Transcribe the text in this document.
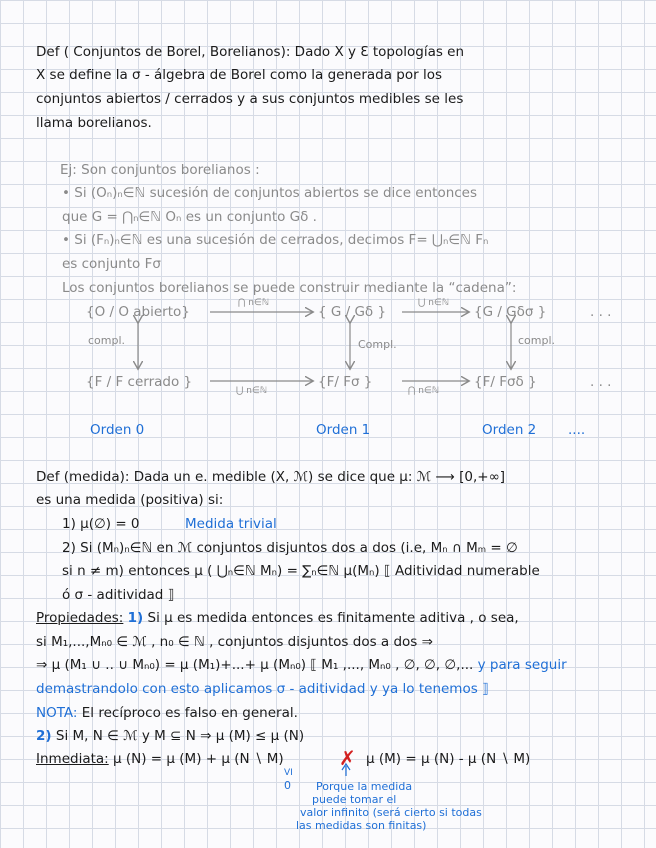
Def ( Conjuntos de Borel, Borelianos): Dado X y Ɛ topologías en
X se define la σ - álgebra de Borel como la generada por los
conjuntos abiertos / cerrados y a sus conjuntos medibles se les
llama borelianos.
Ej: Son conjuntos borelianos :
• Si (Oₙ)ₙ∈ℕ sucesión de conjuntos abiertos se dice entonces
que G = ⋂ₙ∈ℕ Oₙ es un conjunto Gδ .
• Si (Fₙ)ₙ∈ℕ es una sucesión de cerrados, decimos F= ⋃ₙ∈ℕ Fₙ
es conjunto Fσ
Los conjuntos borelianos se puede construir mediante la “cadena”:
{O / O abierto}	{ G / Gδ }	{G / Gδσ }	. . .
⋂ n∈ℕ	⋃ n∈ℕ
compl.	Compl.	compl.
{F / F cerrado }	{F/ Fσ }	{F/ Fσδ }	. . .
⋃ n∈ℕ	⋂ n∈ℕ
Orden 0	Orden 1	Orden 2 ....
Def (medida): Dada un e. medible (X, ℳ) se dice que μ: ℳ ⟶ [0,+∞]
es una medida (positiva) si:
1) μ(∅) = 0	Medida trivial
2) Si (Mₙ)ₙ∈ℕ en ℳ conjuntos disjuntos dos a dos (i.e, Mₙ ∩ Mₘ = ∅
si n ≠ m) entonces μ ( ⋃ₙ∈ℕ Mₙ) = ∑ₙ∈ℕ μ(Mₙ) ⟦ Aditividad numerable
ó σ - aditividad ⟧
Propiedades: 1) Si μ es medida entonces es finitamente aditiva , o sea,
si M₁,...,Mₙ₀ ∈ ℳ , n₀ ∈ ℕ , conjuntos disjuntos dos a dos ⇒
⇒ μ (M₁ ∪ .. ∪ Mₙ₀) = μ (M₁)+...+ μ (Mₙ₀) ⟦ M₁ ,..., Mₙ₀ , ∅, ∅, ∅,... y para seguir
demastrandolo con esto aplicamos σ - aditividad y ya lo tenemos ⟧
NOTA: El recíproco es falso en general.
2) Si M, N ∈ ℳ y M ⊆ N ⇒ μ (M) ≤ μ (N)
Inmediata: μ (N) = μ (M) + μ (N ∖ M)	✗ μ (M) = μ (N) - μ (N ∖ M)
VI
0 Porque la medida
puede tomar el
valor infinito (será cierto si todas
las medidas son finitas)
